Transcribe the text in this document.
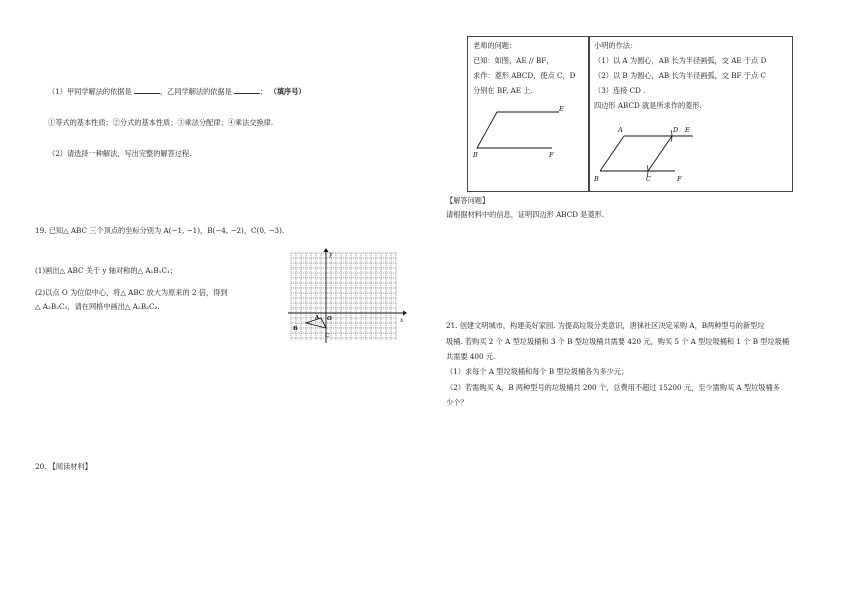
（1）甲同学解法的依据是	，乙同学解法的依据是	； （填序号）
①等式的基本性质；②分式的基本性质；③乘法分配律；④乘法交换律.
（2）请选择一种解法，写出完整的解答过程.
19. 已知△ ABC 三个顶点的坐标分别为 A(−1, −1)，B(−4, −2)，C(0, −3).
(1)画出△ ABC 关于 y 轴对称的△ A₁B₁C₁；
(2)以点 O 为位似中心，将△ ABC 放大为原来的 2 倍，得到
△ A₂B₂C₂，请在网格中画出△ A₂B₂C₂.
y
x
O
A
B
C
20. 【阅读材料】
老师的问题：
已知：如图，AE // BF，
求作：菱形 ABCD，使点 C，D
分别在 BF, AE 上.
E
B	F
小明的作法：
（1）以 A 为圆心，AB 长为半径画弧，交 AE 于点 D
（2）以 B 为圆心，AB 长为半径画弧，交 BF 于点 C
（3）连接 CD .
四边形 ABCD 就是所求作的菱形.
A	D E
B	C	F
【解答问题】
请根据材料中的信息，证明四边形 ABCD 是菱形.
21. 创建文明城市，构建美好家园. 为提高垃圾分类意识，唐徕社区决定采购 A，B两种型号的新型垃
圾桶. 若购买 2 个 A 型垃圾桶和 3 个 B 型垃圾桶共需要 420 元，购买 5 个 A 型垃圾桶和 1 个 B 型垃圾桶
共需要 400 元.
（1）求每个 A 型垃圾桶和每个 B 型垃圾桶各为多少元；
（2）若需购买 A，B 两种型号的垃圾桶共 200 个，总费用不超过 15200 元，至少需购买 A 型垃圾桶多
少个？
